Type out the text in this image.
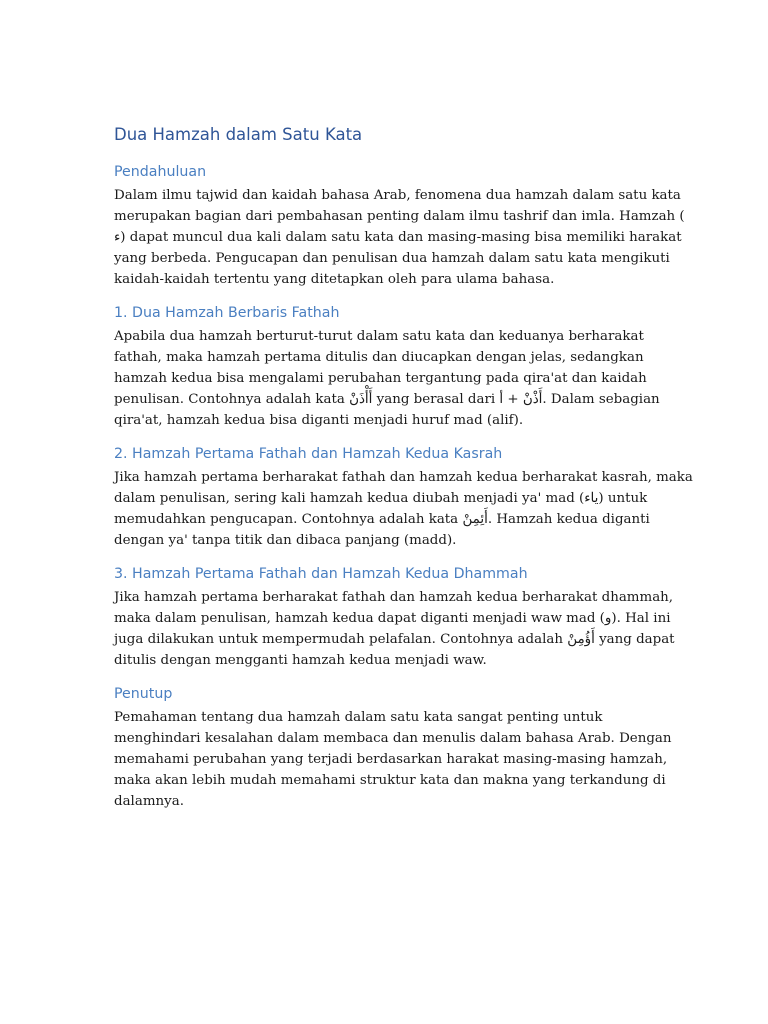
Dua Hamzah dalam Satu Kata
Pendahuluan

Dalam ilmu tajwid dan kaidah bahasa Arab, fenomena dua hamzah dalam satu kata
merupakan bagian dari pembahasan penting dalam ilmu tashrif dan imla. Hamzah (
ء) dapat muncul dua kali dalam satu kata dan masing-masing bisa memiliki harakat
yang berbeda. Pengucapan dan penulisan dua hamzah dalam satu kata mengikuti
kaidah-kaidah tertentu yang ditetapkan oleh para ulama bahasa.

1. Dua Hamzah Berbaris Fathah

Apabila dua hamzah berturut-turut dalam satu kata dan keduanya berharakat
fathah, maka hamzah pertama ditulis dan diucapkan dengan jelas, sedangkan
hamzah kedua bisa mengalami perubahan tergantung pada qira'at dan kaidah
penulisan. Contohnya adalah kata أَأْذَنْ yang berasal dari أَذْنْ + أ. Dalam sebagian
qira'at, hamzah kedua bisa diganti menjadi huruf mad (alif).

2. Hamzah Pertama Fathah dan Hamzah Kedua Kasrah

Jika hamzah pertama berharakat fathah dan hamzah kedua berharakat kasrah, maka
dalam penulisan, sering kali hamzah kedua diubah menjadi ya' mad (ياء) untuk
memudahkan pengucapan. Contohnya adalah kata أَئِمِنْ. Hamzah kedua diganti
dengan ya' tanpa titik dan dibaca panjang (madd).

3. Hamzah Pertama Fathah dan Hamzah Kedua Dhammah

Jika hamzah pertama berharakat fathah dan hamzah kedua berharakat dhammah,
maka dalam penulisan, hamzah kedua dapat diganti menjadi waw mad (و). Hal ini
juga dilakukan untuk mempermudah pelafalan. Contohnya adalah أَؤُمِنْ yang dapat
ditulis dengan mengganti hamzah kedua menjadi waw.

Penutup

Pemahaman tentang dua hamzah dalam satu kata sangat penting untuk
menghindari kesalahan dalam membaca dan menulis dalam bahasa Arab. Dengan
memahami perubahan yang terjadi berdasarkan harakat masing-masing hamzah,
maka akan lebih mudah memahami struktur kata dan makna yang terkandung di
dalamnya.
